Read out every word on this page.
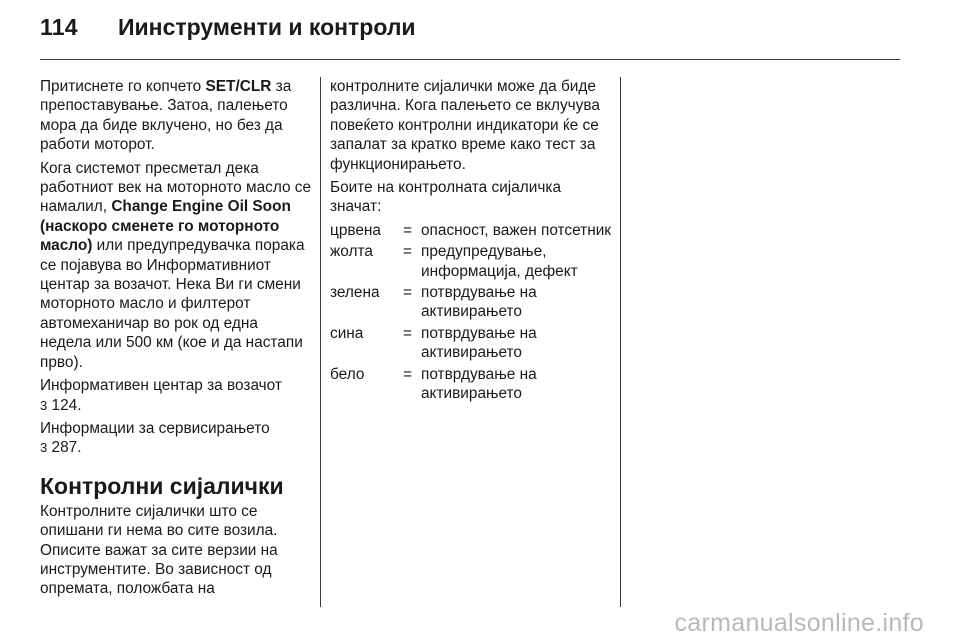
114 Иинструменти и контроли

Притиснете го копчето SET/CLR за препоставување. Затоа, палењето мора да биде вклучено, но без да работи моторот.

Кога системот пресметал дека работниот век на моторното масло се намалил, Change Engine Oil Soon (наскоро сменете го моторното масло) или предупредувачка порака се појавува во Информативниот центар за возачот. Нека Ви ги смени моторното масло и филтерот автомеханичар во рок од една недела или 500 км (кое и да настапи прво).

Информативен центар за возачот
3 124.

Информации за сервисирањето
3 287.

Контролни сијалички

Контролните сијалички што се опишани ги нема во сите возила. Описите важат за сите верзии на инструментите. Во зависност од опремата, положбата на

контролните сијалички може да биде различна. Кога палењето се вклучува повеќето контролни индикатори ќе се запалат за кратко време како тест за функционирањето.

Боите на контролната сијаличка значат:

црвена	= опасност, важен потсетник
жолта	= предупредување, информација, дефект
зелена	= потврдување на активирањето
сина	= потврдување на активирањето
бело	= потврдување на активирањето
carmanualsonline.info
